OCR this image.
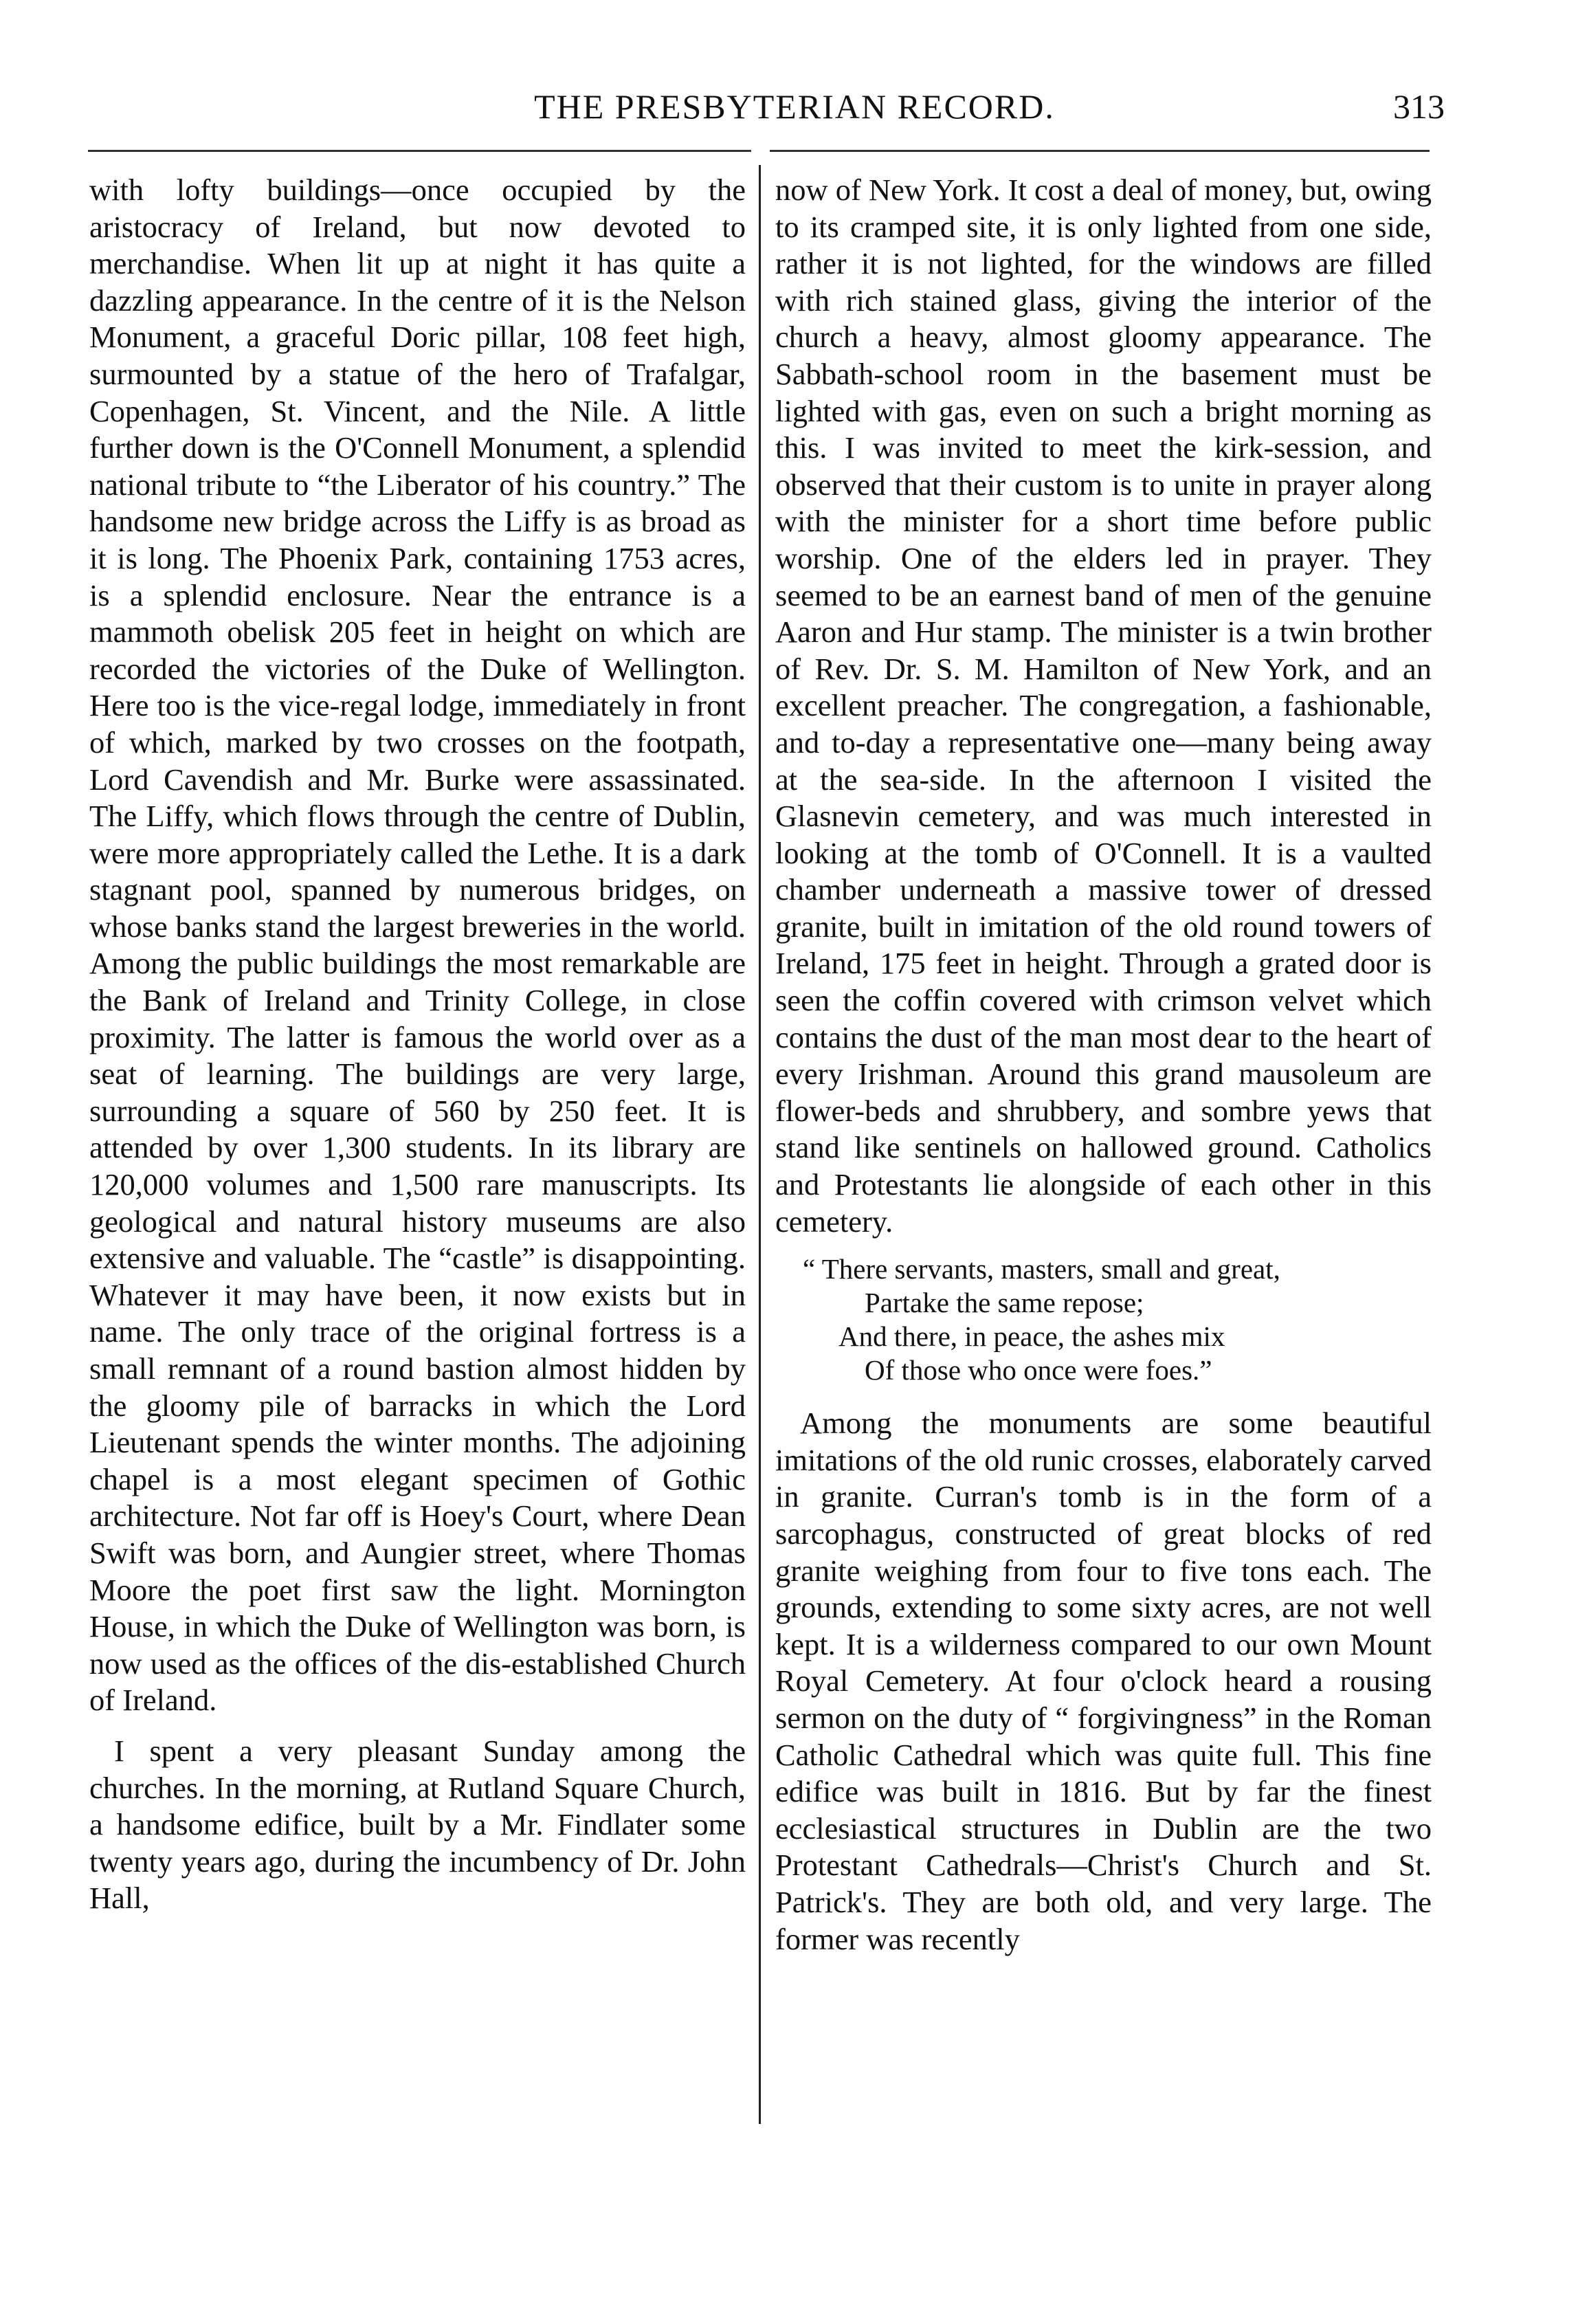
THE PRESBYTERIAN RECORD.	313

with lofty buildings—once occupied by the aristocracy of Ireland, but now devoted to merchandise. When lit up at night it has quite a dazzling appearance. In the centre of it is the Nelson Monument, a graceful Doric pillar, 108 feet high, surmounted by a statue of the hero of Trafalgar, Copenhagen, St. Vincent, and the Nile. A little further down is the O'Connell Monument, a splendid national tribute to “the Liberator of his country.” The handsome new bridge across the Liffy is as broad as it is long. The Phoenix Park, containing 1753 acres, is a splendid enclosure. Near the entrance is a mammoth obelisk 205 feet in height on which are recorded the victories of the Duke of Wellington. Here too is the vice-regal lodge, immediately in front of which, marked by two crosses on the footpath, Lord Cavendish and Mr. Burke were assassinated. The Liffy, which flows through the centre of Dublin, were more appropriately called the Lethe. It is a dark stagnant pool, spanned by numerous bridges, on whose banks stand the largest breweries in the world. Among the public buildings the most remarkable are the Bank of Ireland and Trinity College, in close proximity. The latter is famous the world over as a seat of learning. The buildings are very large, surrounding a square of 560 by 250 feet. It is attended by over 1,300 students. In its library are 120,000 volumes and 1,500 rare manuscripts. Its geological and natural history museums are also extensive and valuable. The “castle” is disappointing. Whatever it may have been, it now exists but in name. The only trace of the original fortress is a small remnant of a round bastion almost hidden by the gloomy pile of barracks in which the Lord Lieutenant spends the winter months. The adjoining chapel is a most elegant specimen of Gothic architecture. Not far off is Hoey's Court, where Dean Swift was born, and Aungier street, where Thomas Moore the poet first saw the light. Mornington House, in which the Duke of Wellington was born, is now used as the offices of the dis-established Church of Ireland.

I spent a very pleasant Sunday among the churches. In the morning, at Rutland Square Church, a handsome edifice, built by a Mr. Findlater some twenty years ago, during the incumbency of Dr. John Hall,

now of New York. It cost a deal of money, but, owing to its cramped site, it is only lighted from one side, rather it is not lighted, for the windows are filled with rich stained glass, giving the interior of the church a heavy, almost gloomy appearance. The Sabbath-school room in the basement must be lighted with gas, even on such a bright morning as this. I was invited to meet the kirk-session, and observed that their custom is to unite in prayer along with the minister for a short time before public worship. One of the elders led in prayer. They seemed to be an earnest band of men of the genuine Aaron and Hur stamp. The minister is a twin brother of Rev. Dr. S. M. Hamilton of New York, and an excellent preacher. The congregation, a fashionable, and to-day a representative one—many being away at the sea-side. In the afternoon I visited the Glasnevin cemetery, and was much interested in looking at the tomb of O'Connell. It is a vaulted chamber underneath a massive tower of dressed granite, built in imitation of the old round towers of Ireland, 175 feet in height. Through a grated door is seen the coffin covered with crimson velvet which contains the dust of the man most dear to the heart of every Irishman. Around this grand mausoleum are flower-beds and shrubbery, and sombre yews that stand like sentinels on hallowed ground. Catholics and Protestants lie alongside of each other in this cemetery.

“ There servants, masters, small and great,
Partake the same repose;
And there, in peace, the ashes mix
Of those who once were foes.”

Among the monuments are some beautiful imitations of the old runic crosses, elaborately carved in granite. Curran's tomb is in the form of a sarcophagus, constructed of great blocks of red granite weighing from four to five tons each. The grounds, extending to some sixty acres, are not well kept. It is a wilderness compared to our own Mount Royal Cemetery. At four o'clock heard a rousing sermon on the duty of “ forgivingness” in the Roman Catholic Cathedral which was quite full. This fine edifice was built in 1816. But by far the finest ecclesiastical structures in Dublin are the two Protestant Cathedrals—Christ's Church and St. Patrick's. They are both old, and very large. The former was recently
